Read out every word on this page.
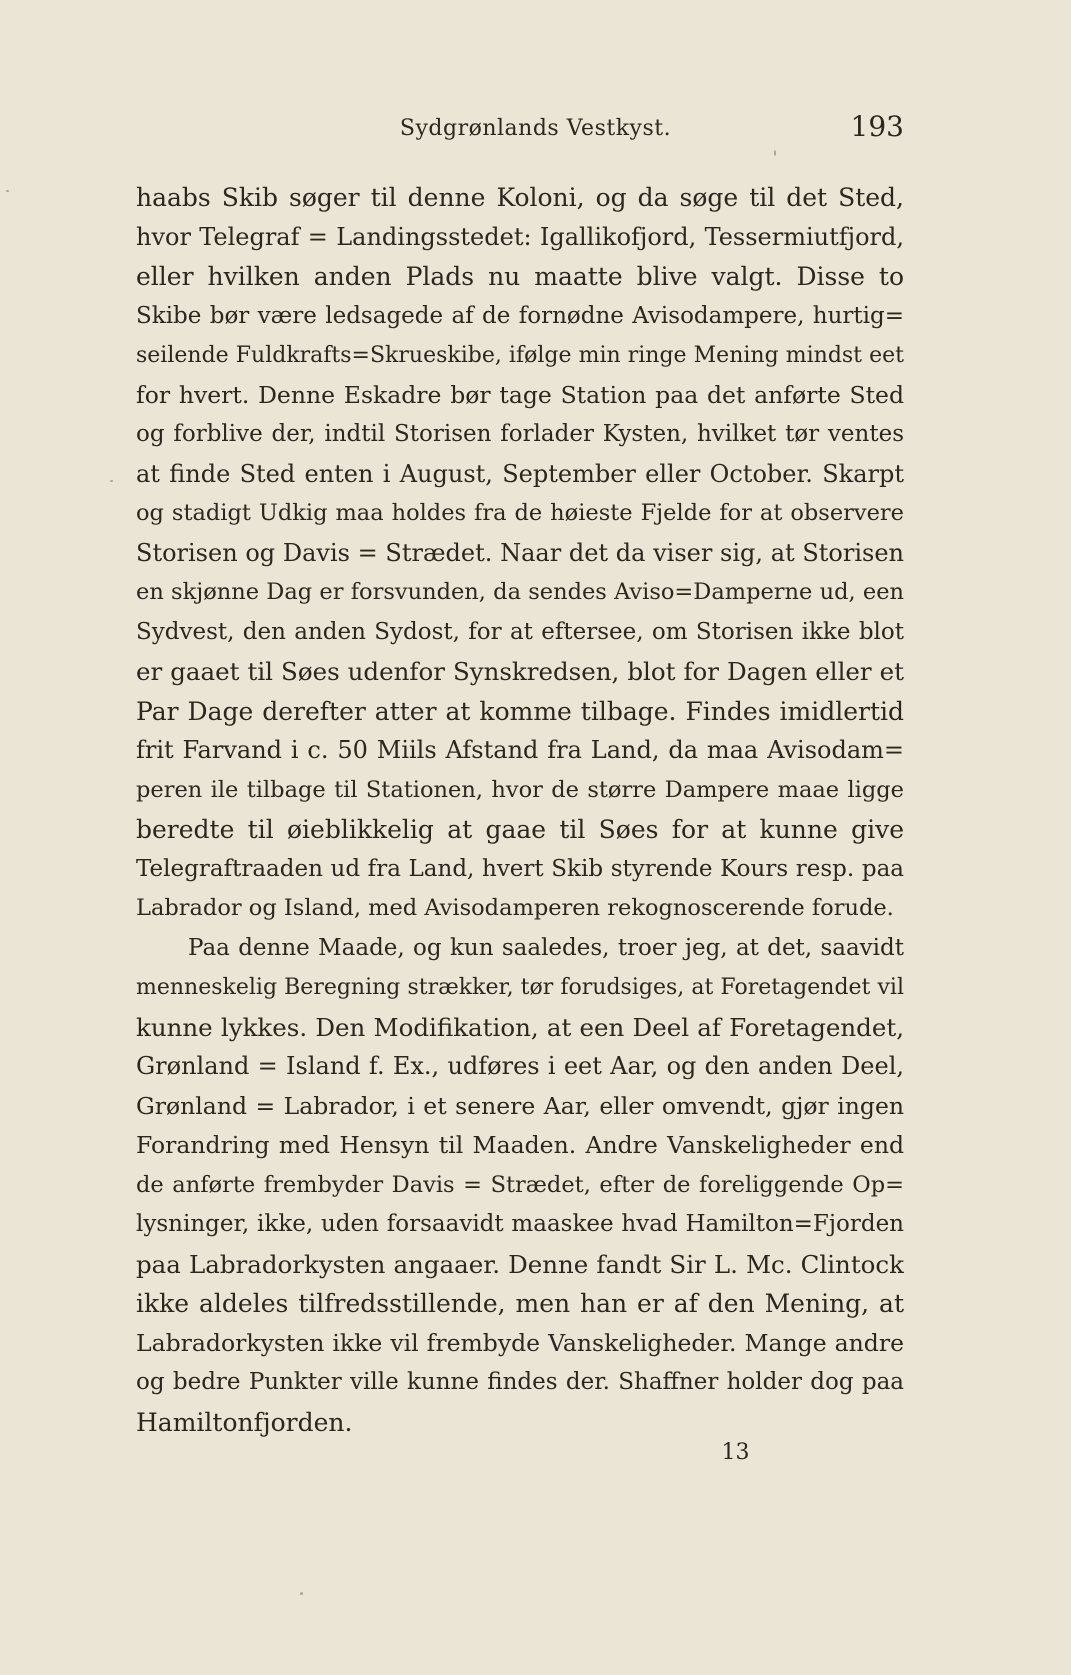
Sydgrønlands Vestkyst.	193
haabs Skib søger til denne Koloni, og da søge til det Sted,
hvor Telegraf = Landingsstedet: Igallikofjord, Tessermiutfjord,
eller hvilken anden Plads nu maatte blive valgt. Disse to
Skibe bør være ledsagede af de fornødne Avisodampere, hurtig=
seilende Fuldkrafts=Skrueskibe, ifølge min ringe Mening mindst eet
for hvert. Denne Eskadre bør tage Station paa det anførte Sted
og forblive der, indtil Storisen forlader Kysten, hvilket tør ventes
at finde Sted enten i August, September eller October. Skarpt
og stadigt Udkig maa holdes fra de høieste Fjelde for at observere
Storisen og Davis = Strædet. Naar det da viser sig, at Storisen
en skjønne Dag er forsvunden, da sendes Aviso=Damperne ud, een
Sydvest, den anden Sydost, for at eftersee, om Storisen ikke blot
er gaaet til Søes udenfor Synskredsen, blot for Dagen eller et
Par Dage derefter atter at komme tilbage. Findes imidlertid
frit Farvand i c. 50 Miils Afstand fra Land, da maa Avisodam=
peren ile tilbage til Stationen, hvor de større Dampere maae ligge
beredte til øieblikkelig at gaae til Søes for at kunne give
Telegraftraaden ud fra Land, hvert Skib styrende Kours resp. paa
Labrador og Island, med Avisodamperen rekognoscerende forude.
Paa denne Maade, og kun saaledes, troer jeg, at det, saavidt
menneskelig Beregning strækker, tør forudsiges, at Foretagendet vil
kunne lykkes. Den Modifikation, at een Deel af Foretagendet,
Grønland = Island f. Ex., udføres i eet Aar, og den anden Deel,
Grønland = Labrador, i et senere Aar, eller omvendt, gjør ingen
Forandring med Hensyn til Maaden. Andre Vanskeligheder end
de anførte frembyder Davis = Strædet, efter de foreliggende Op=
lysninger, ikke, uden forsaavidt maaskee hvad Hamilton=Fjorden
paa Labradorkysten angaaer. Denne fandt Sir L. Mc. Clintock
ikke aldeles tilfredsstillende, men han er af den Mening, at
Labradorkysten ikke vil frembyde Vanskeligheder. Mange andre
og bedre Punkter ville kunne findes der. Shaffner holder dog paa
Hamiltonfjorden.
13
